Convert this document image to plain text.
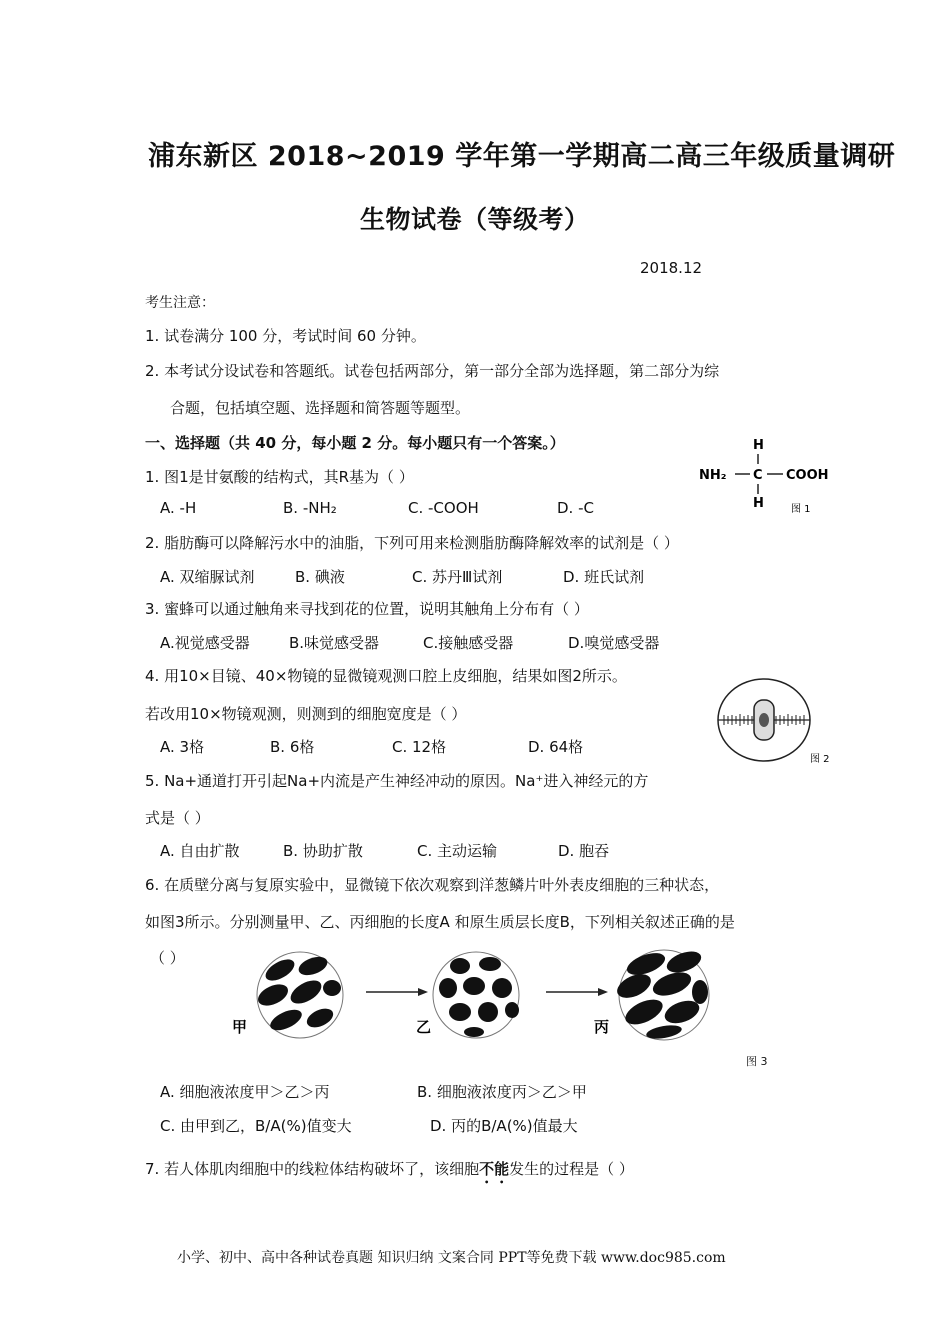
浦东新区 2018~2019 学年第一学期高二高三年级质量调研
生物试卷（等级考）
2018.12
考生注意：
1. 试卷满分 100 分，考试时间 60 分钟。
2. 本考试分设试卷和答题纸。试卷包括两部分，第一部分全部为选择题，第二部分为综
合题，包括填空题、选择题和简答题等题型。
一、选择题（共 40 分，每小题 2 分。每小题只有一个答案。）
1. 图1是甘氨酸的结构式，其R基为（ ）
A. -H	B. -NH₂	C. -COOH	D. -C
H
NH₂ C COOH
H	图 1
2. 脂肪酶可以降解污水中的油脂，下列可用来检测脂肪酶降解效率的试剂是（ ）
A. 双缩脲试剂	B. 碘液	C. 苏丹Ⅲ试剂	D. 班氏试剂
3. 蜜蜂可以通过触角来寻找到花的位置，说明其触角上分布有（ ）
A.视觉感受器	B.味觉感受器	C.接触感受器	D.嗅觉感受器
4. 用10×目镜、40×物镜的显微镜观测口腔上皮细胞，结果如图2所示。
若改用10×物镜观测，则测到的细胞宽度是（ ）
A. 3格	B. 6格	C. 12格	D. 64格
图 2
5. Na+通道打开引起Na+内流是产生神经冲动的原因。Na⁺进入神经元的方
式是（ ）
A. 自由扩散	B. 协助扩散	C. 主动运输	D. 胞吞
6. 在质壁分离与复原实验中，显微镜下依次观察到洋葱鳞片叶外表皮细胞的三种状态，
如图3所示。分别测量甲、乙、丙细胞的长度A 和原生质层长度B，下列相关叙述正确的是
（ ）
甲	乙	丙
图 3
A. 细胞液浓度甲＞乙＞丙	B. 细胞液浓度丙＞乙＞甲
C. 由甲到乙，B/A(%)值变大	D. 丙的B/A(%)值最大
7. 若人体肌肉细胞中的线粒体结构破坏了，该细胞不能发生的过程是（ ）
小学、初中、高中各种试卷真题 知识归纳 文案合同 PPT等免费下载 www.doc985.com
